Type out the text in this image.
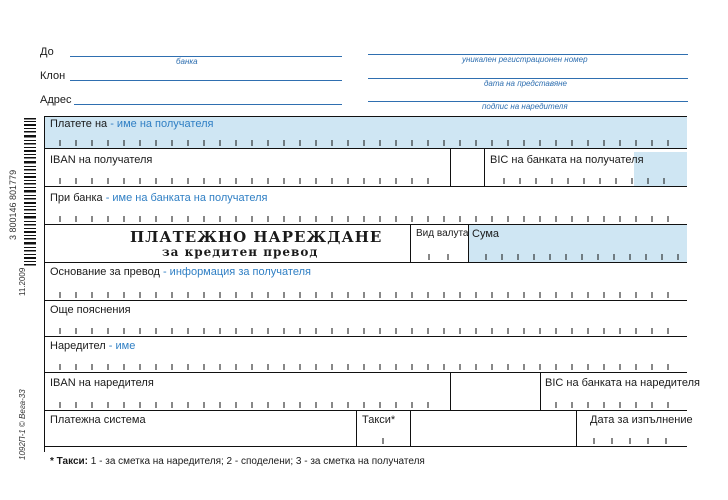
До
банка
Клон
Адрес
уникален регистрационен номер
дата на представяне
подпис на наредителя
3 800146 801779
11.2009
1092П-1 © Вега-33
Платете на - име на получателя
IBAN на получателя	BIC на банката на получателя
При банка - име на банката на получателя
ПЛАТЕЖНО НАРЕЖДАНЕ
за кредитен превод
Вид валута Сума
Основание за превод - информация за получателя
Още пояснения
Наредител - име
IBAN на наредителя	BIC на банката на наредителя
Платежна система	Такси*	Дата за изпълнение
* Такси: 1 - за сметка на наредителя; 2 - споделени; 3 - за сметка на получателя
